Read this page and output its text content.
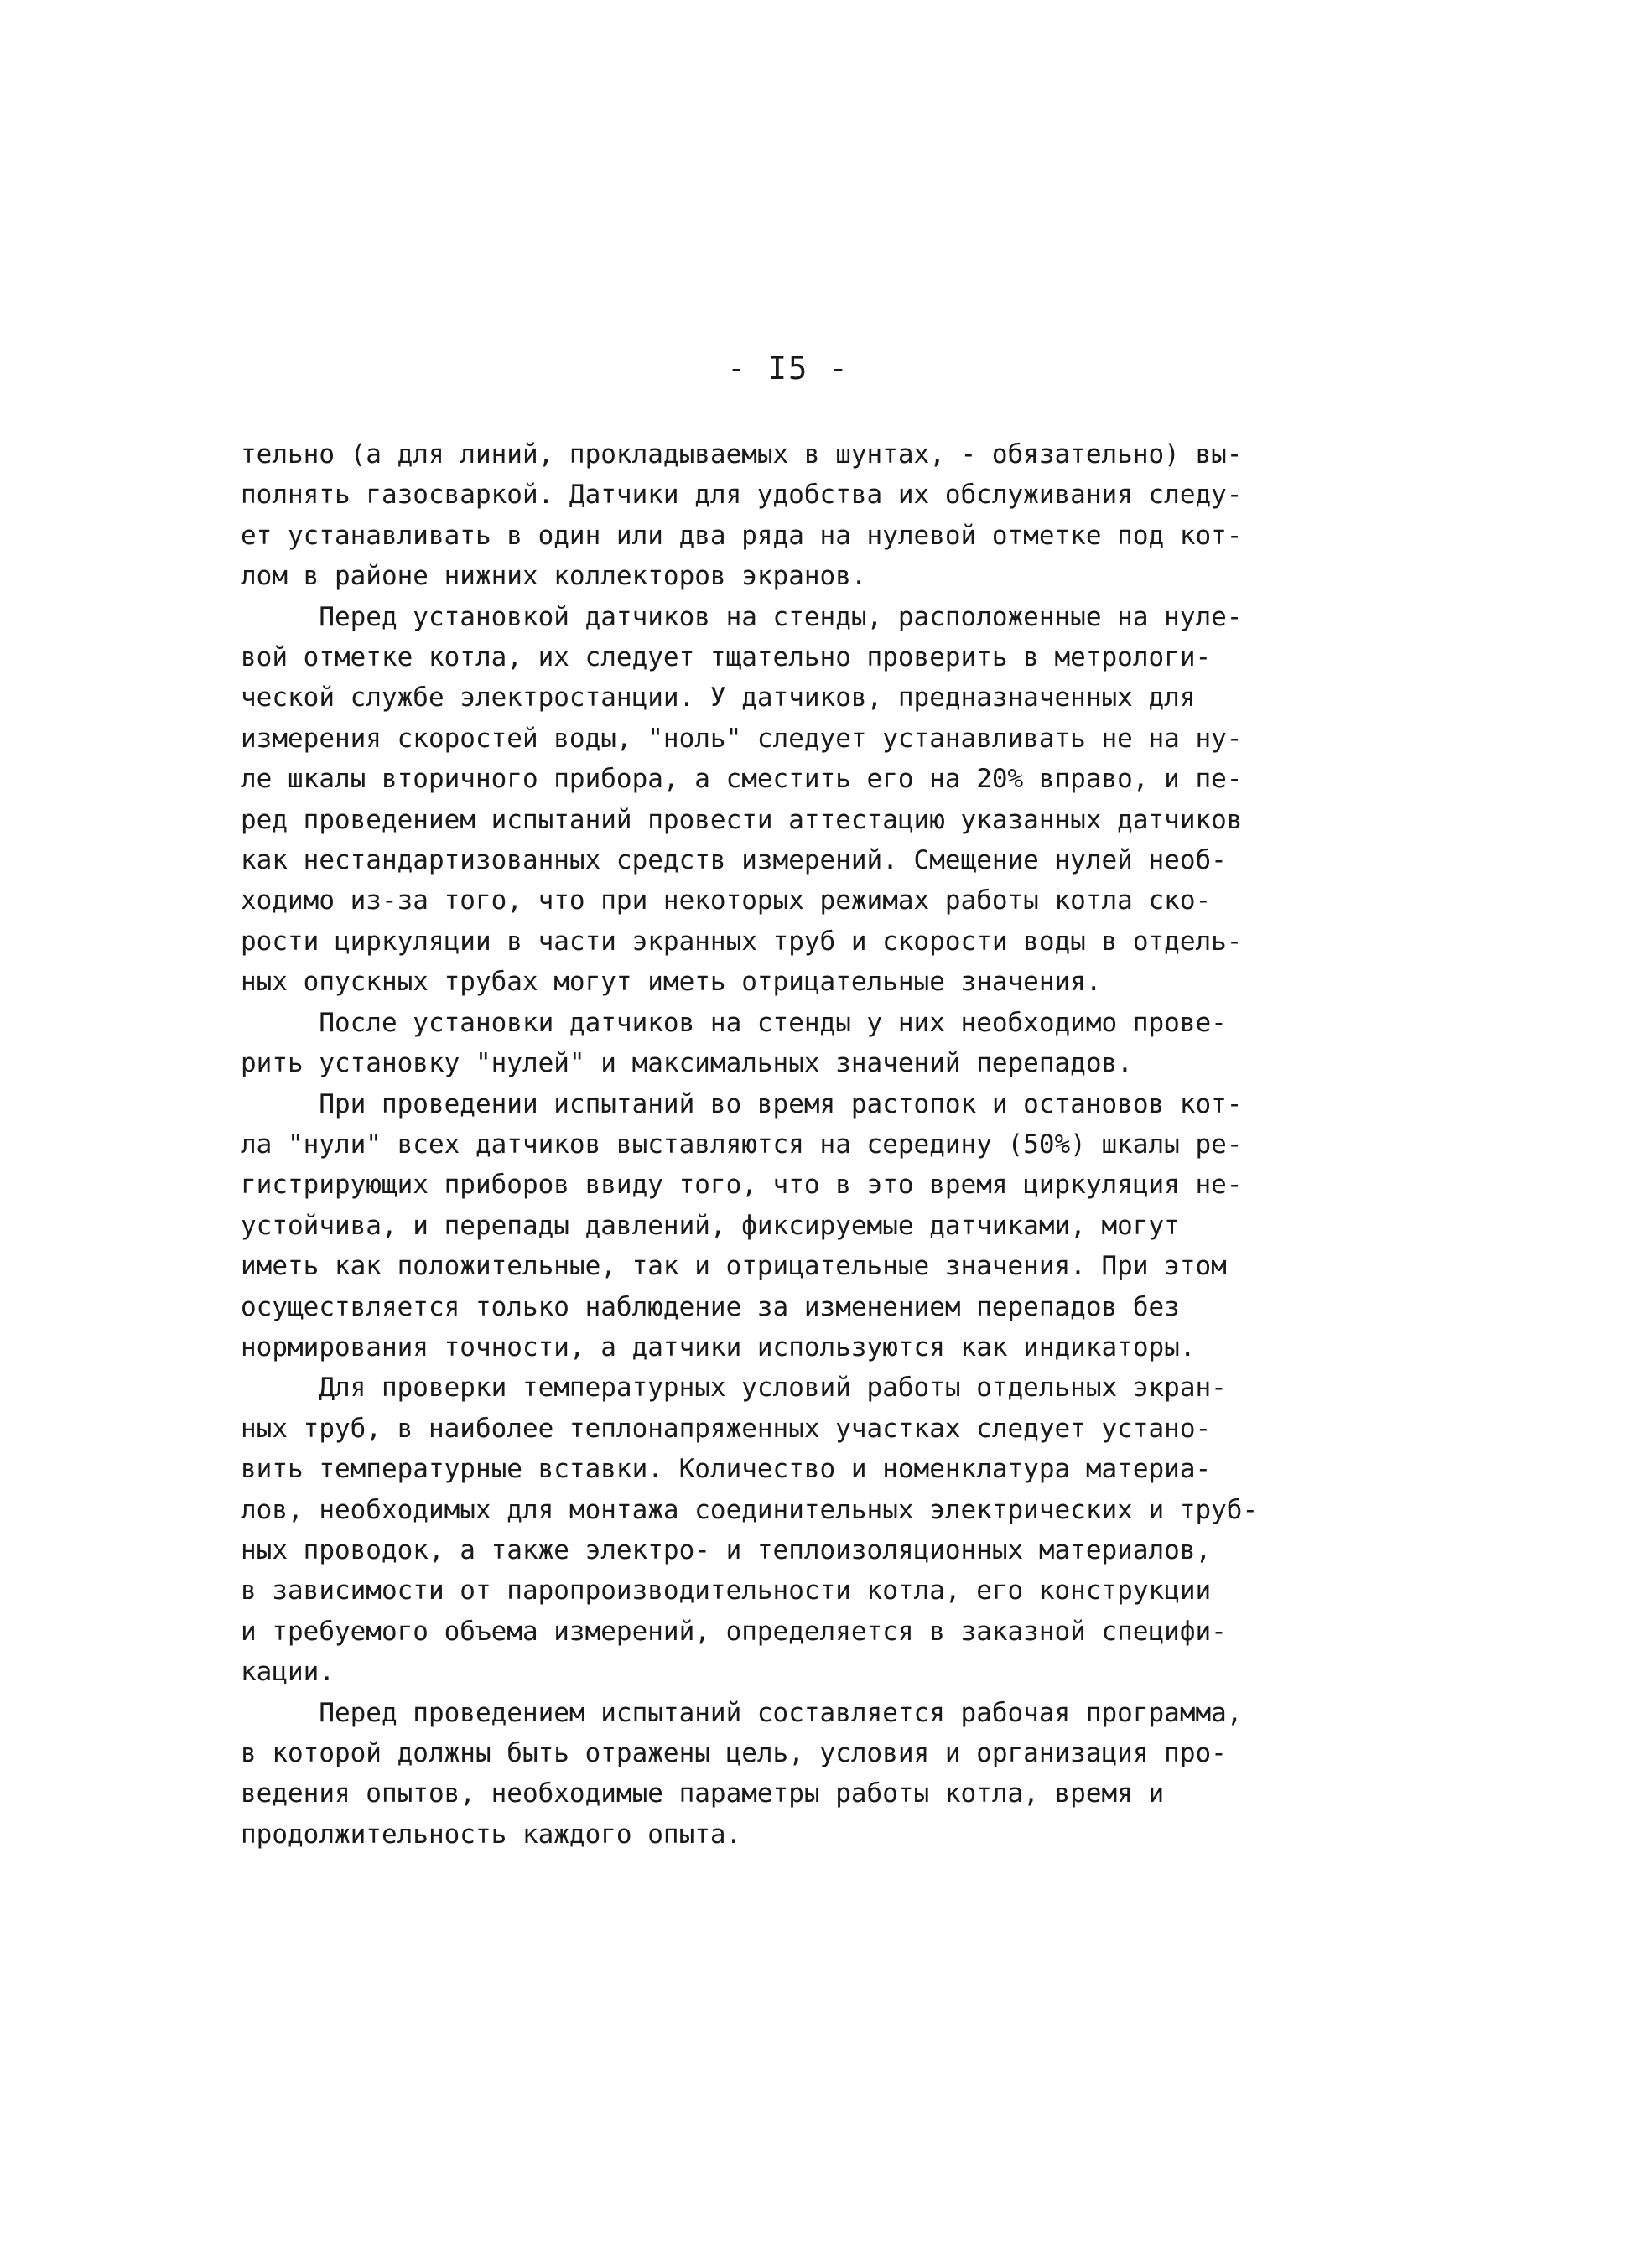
- I5 -
тельно (а для линий, прокладываемых в шунтах, - обязательно) вы-
полнять газосваркой. Датчики для удобства их обслуживания следу-
ет устанавливать в один или два ряда на нулевой отметке под кот-
лом в районе нижних коллекторов экранов.
Перед установкой датчиков на стенды, расположенные на нуле-
вой отметке котла, их следует тщательно проверить в метрологи-
ческой службе электростанции. У датчиков, предназначенных для
измерения скоростей воды, "ноль" следует устанавливать не на ну-
ле шкалы вторичного прибора, а сместить его на 20% вправо, и пе-
ред проведением испытаний провести аттестацию указанных датчиков
как нестандартизованных средств измерений. Смещение нулей необ-
ходимо из-за того, что при некоторых режимах работы котла ско-
рости циркуляции в части экранных труб и скорости воды в отдель-
ных опускных трубах могут иметь отрицательные значения.
После установки датчиков на стенды у них необходимо прове-
рить установку "нулей" и максимальных значений перепадов.
При проведении испытаний во время растопок и остановов кот-
ла "нули" всех датчиков выставляются на середину (50%) шкалы ре-
гистрирующих приборов ввиду того, что в это время циркуляция не-
устойчива, и перепады давлений, фиксируемые датчиками, могут
иметь как положительные, так и отрицательные значения. При этом
осуществляется только наблюдение за изменением перепадов без
нормирования точности, а датчики используются как индикаторы.
Для проверки температурных условий работы отдельных экран-
ных труб, в наиболее теплонапряженных участках следует устано-
вить температурные вставки. Количество и номенклатура материа-
лов, необходимых для монтажа соединительных электрических и труб-
ных проводок, а также электро- и теплоизоляционных материалов,
в зависимости от паропроизводительности котла, его конструкции
и требуемого объема измерений, определяется в заказной специфи-
кации.
Перед проведением испытаний составляется рабочая программа,
в которой должны быть отражены цель, условия и организация про-
ведения опытов, необходимые параметры работы котла, время и
продолжительность каждого опыта.
